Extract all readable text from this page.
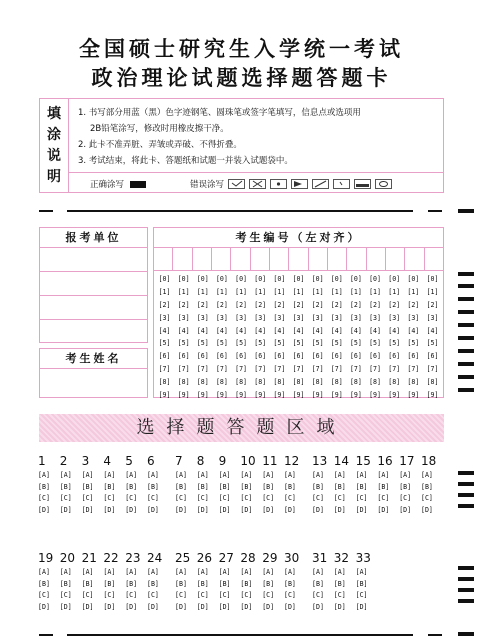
全国硕士研究生入学统一考试
政治理论试题选择题答题卡
填
涂
说
明
1. 书写部分用蓝（黑）色字迹钢笔、圆珠笔或签字笔填写，信息点或选项用
2B铅笔涂写，修改时用橡皮擦干净。
2. 此卡不准弄脏、弄皱或弄破、不得折叠。
3. 考试结束，将此卡、答题纸和试题一并装入试题袋中。
正确涂写	错误涂写
报考单位
考生姓名
考生编号（左对齐）
[0]	[0]	[0]	[0]	[0]	[0]	[0]	[0]	[0]	[0]	[0]	[0]	[0]	[0]	[0]
[1]	[1]	[1]	[1]	[1]	[1]	[1]	[1]	[1]	[1]	[1]	[1]	[1]	[1]	[1]
[2]	[2]	[2]	[2]	[2]	[2]	[2]	[2]	[2]	[2]	[2]	[2]	[2]	[2]	[2]
[3]	[3]	[3]	[3]	[3]	[3]	[3]	[3]	[3]	[3]	[3]	[3]	[3]	[3]	[3]
[4]	[4]	[4]	[4]	[4]	[4]	[4]	[4]	[4]	[4]	[4]	[4]	[4]	[4]	[4]
[5]	[5]	[5]	[5]	[5]	[5]	[5]	[5]	[5]	[5]	[5]	[5]	[5]	[5]	[5]
[6]	[6]	[6]	[6]	[6]	[6]	[6]	[6]	[6]	[6]	[6]	[6]	[6]	[6]	[6]
[7]	[7]	[7]	[7]	[7]	[7]	[7]	[7]	[7]	[7]	[7]	[7]	[7]	[7]	[7]
[8]	[8]	[8]	[8]	[8]	[8]	[8]	[8]	[8]	[8]	[8]	[8]	[8]	[8]	[8]
[9]	[9]	[9]	[9]	[9]	[9]	[9]	[9]	[9]	[9]	[9]	[9]	[9]	[9]	[9]
选择题答题区域
1	2	3	4	5	6
[A]	[A]	[A]	[A]	[A]	[A]
[B]	[B]	[B]	[B]	[B]	[B]
[C]	[C]	[C]	[C]	[C]	[C]
[D]	[D]	[D]	[D]	[D]	[D]
7	8	9	10 11 12
[A]	[A]	[A]	[A]	[A]	[A]
[B]	[B]	[B]	[B]	[B]	[B]
[C]	[C]	[C]	[C]	[C]	[C]
[D]	[D]	[D]	[D]	[D]	[D]
13 14 15 16 17 18
[A]	[A]	[A]	[A]	[A]	[A]
[B]	[B]	[B]	[B]	[B]	[B]
[C]	[C]	[C]	[C]	[C]	[C]
[D]	[D]	[D]	[D]	[D]	[D]
19 20 21 22 23 24
[A]	[A]	[A]	[A]	[A]	[A]
[B]	[B]	[B]	[B]	[B]	[B]
[C]	[C]	[C]	[C]	[C]	[C]
[D]	[D]	[D]	[D]	[D]	[D]
25 26 27 28 29 30
[A]	[A]	[A]	[A]	[A]	[A]
[B]	[B]	[B]	[B]	[B]	[B]
[C]	[C]	[C]	[C]	[C]	[C]
[D]	[D]	[D]	[D]	[D]	[D]
31 32 33
[A]	[A]	[A]
[B]	[B]	[B]
[C]	[C]	[C]
[D]	[D]	[D]
